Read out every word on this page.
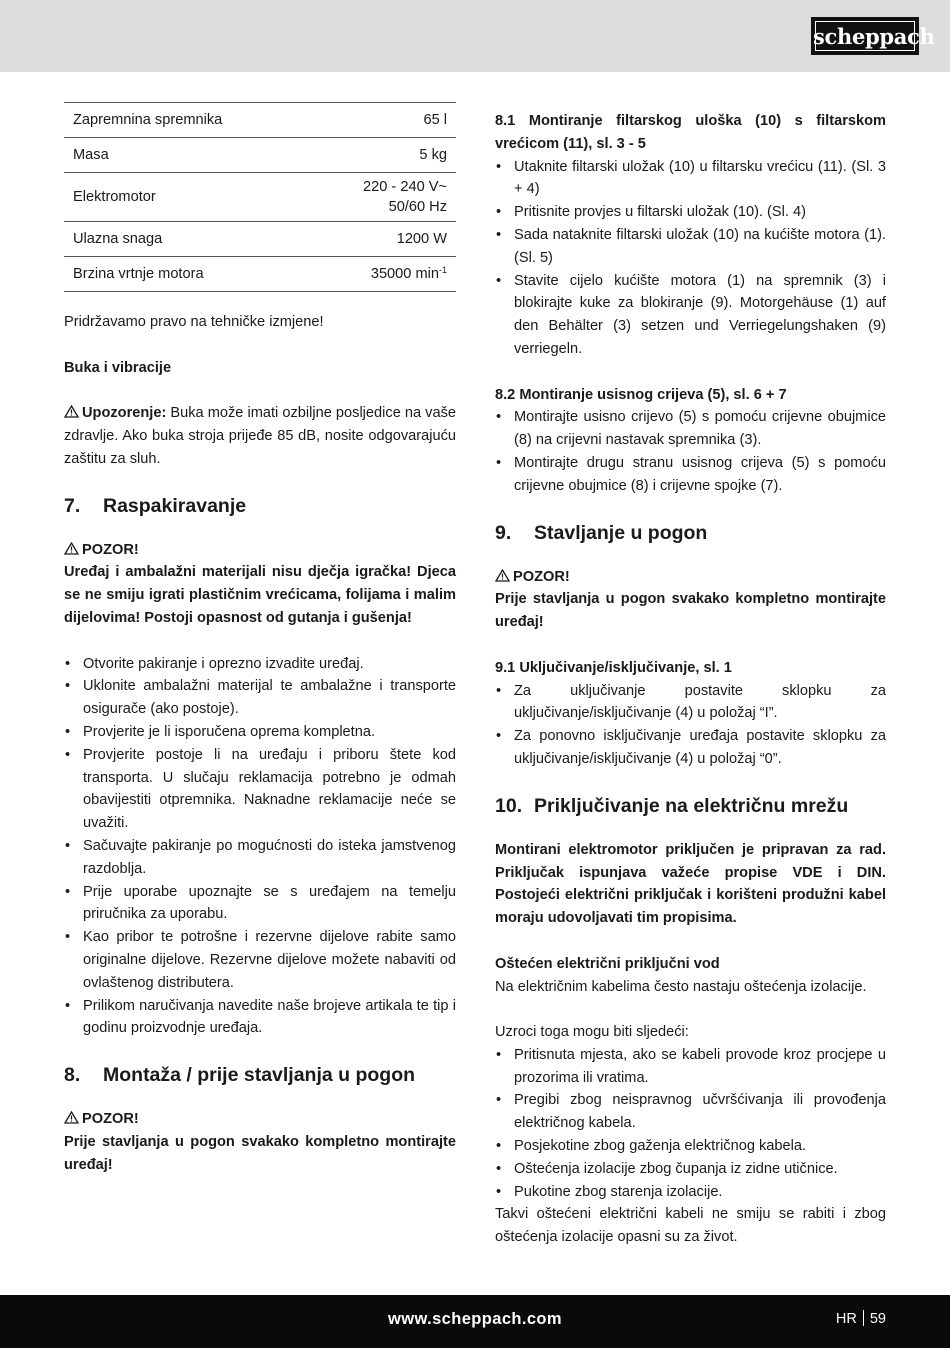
scheppach
Zapremnina spremnika	65 l
Masa	5 kg
Elektromotor	220 - 240 V~
50/60 Hz
Ulazna snaga	1200 W
Brzina vrtnje motora	35000 $\min^{-1}$

Pridržavamo pravo na tehničke izmjene!

Buka i vibracije

Upozorenje: Buka može imati ozbiljne posljedice na vaše zdravlje. Ako buka stroja prijeđe 85 dB, nosite odgovarajuću zaštitu za sluh.

7.	Raspakiravanje

POZOR!

Uređaj i ambalažni materijali nisu dječja igračka! Djeca se ne smiju igrati plastičnim vrećicama, folijama i malim dijelovima! Postoji opasnost od gutanja i gušenja!

• Otvorite pakiranje i oprezno izvadite uređaj.
• Uklonite ambalažni materijal te ambalažne i transporte osigurače (ako postoje).
• Provjerite je li isporučena oprema kompletna.
• Provjerite postoje li na uređaju i priboru štete kod transporta. U slučaju reklamacija potrebno je odmah obavijestiti otpremnika. Naknadne reklamacije neće se uvažiti.
• Sačuvajte pakiranje po mogućnosti do isteka jamstvenog razdoblja.
• Prije uporabe upoznajte se s uređajem na temelju priručnika za uporabu.
• Kao pribor te potrošne i rezervne dijelove rabite samo originalne dijelove. Rezervne dijelove možete nabaviti od ovlaštenog distributera.
• Prilikom naručivanja navedite naše brojeve artikala te tip i godinu proizvodnje uređaja.
8.	Montaža / prije stavljanja u pogon

POZOR!

Prije stavljanja u pogon svakako kompletno montirajte uređaj!

8.1 Montiranje filtarskog uloška (10) s filtarskom vrećicom (11), sl. 3 - 5

• Utaknite filtarski uložak (10) u filtarsku vrećicu (11). (Sl. 3 + 4)
• Pritisnite provjes u filtarski uložak (10). (Sl. 4)
• Sada nataknite filtarski uložak (10) na kućište motora (1). (Sl. 5)
• Stavite cijelo kućište motora (1) na spremnik (3) i blokirajte kuke za blokiranje (9). Motorgehäuse (1) auf den Behälter (3) setzen und Verriegelungshaken (9) verriegeln.

8.2 Montiranje usisnog crijeva (5), sl. 6 + 7

• Montirajte usisno crijevo (5) s pomoću crijevne obujmice (8) na crijevni nastavak spremnika (3).
• Montirajte drugu stranu usisnog crijeva (5) s pomoću crijevne obujmice (8) i crijevne spojke (7).
9.	Stavljanje u pogon

POZOR!

Prije stavljanja u pogon svakako kompletno montirajte uređaj!

9.1 Uključivanje/isključivanje, sl. 1

• Za uključivanje postavite sklopku za uključivanje/isključivanje (4) u položaj “I”.
• Za ponovno isključivanje uređaja postavite sklopku za uključivanje/isključivanje (4) u položaj “0”.
10. Priključivanje na električnu mrežu

Montirani elektromotor priključen je pripravan za rad. Priključak ispunjava važeće propise VDE i DIN. Postojeći električni priključak i korišteni produžni kabel moraju udovoljavati tim propisima.

Oštećen električni priključni vod

Na električnim kabelima često nastaju oštećenja izolacije.

Uzroci toga mogu biti sljedeći:

• Pritisnuta mjesta, ako se kabeli provode kroz procjepe u prozorima ili vratima.
• Pregibi zbog neispravnog učvršćivanja ili provođenja električnog kabela.
• Posjekotine zbog gaženja električnog kabela.
• Oštećenja izolacije zbog čupanja iz zidne utičnice.
• Pukotine zbog starenja izolacije.

Takvi oštećeni električni kabeli ne smiju se rabiti i zbog oštećenja izolacije opasni su za život.

www.scheppach.com	HR 59
